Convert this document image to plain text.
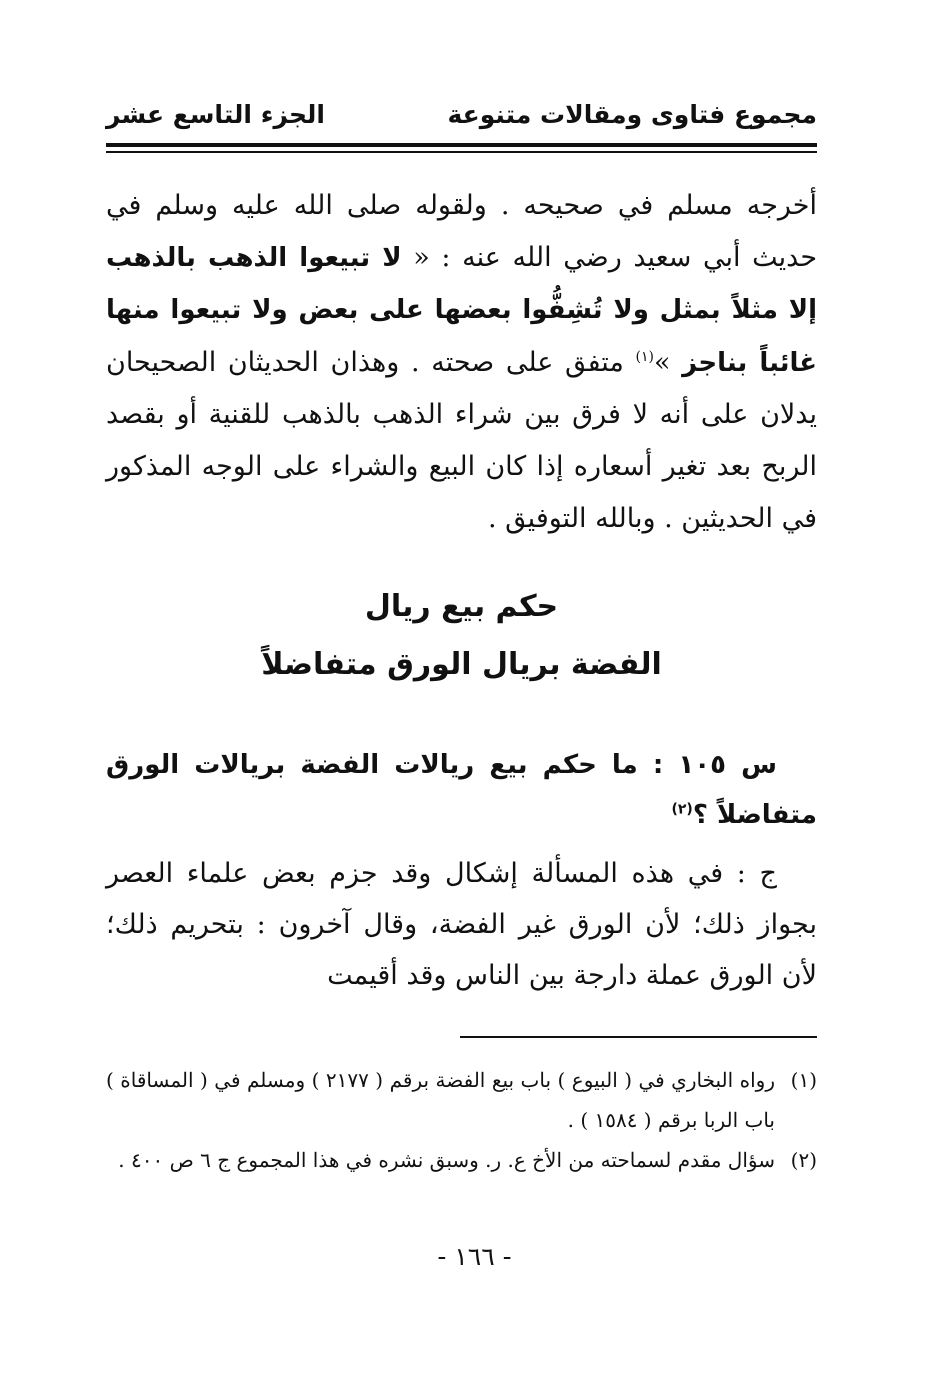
مجموع فتاوى ومقالات متنوعة
الجزء التاسع عشر

أخرجه مسلم في صحيحه . ولقوله صلى الله عليه وسلم في حديث أبي سعيد رضي الله عنه : « لا تبيعوا الذهب بالذهب إلا مثلاً بمثل ولا تُشِفُّوا بعضها على بعض ولا تبيعوا منها غائباً بناجز »$^{(١)}$ متفق على صحته . وهذان الحديثان الصحيحان يدلان على أنه لا فرق بين شراء الذهب بالذهب للقنية أو بقصد الربح بعد تغير أسعاره إذا كان البيع والشراء على الوجه المذكور في الحديثين . وبالله التوفيق .

حكم بيع ريال
الفضة بريال الورق متفاضلاً
س ١٠٥ : ما حكم بيع ريالات الفضة بريالات الورق متفاضلاً ؟$^{(٢)}$
ج : في هذه المسألة إشكال وقد جزم بعض علماء العصر بجواز ذلك؛ لأن الورق غير الفضة، وقال آخرون : بتحريم ذلك؛ لأن الورق عملة دارجة بين الناس وقد أقيمت
(١)
رواه البخاري في ( البيوع ) باب بيع الفضة برقم ( ٢١٧٧ ) ومسلم في ( المساقاة ) باب الربا برقم ( ١٥٨٤ ) .
(٢)
سؤال مقدم لسماحته من الأخ ع. ر. وسبق نشره في هذا المجموع ج ٦ ص ٤٠٠ .
- ١٦٦ -
